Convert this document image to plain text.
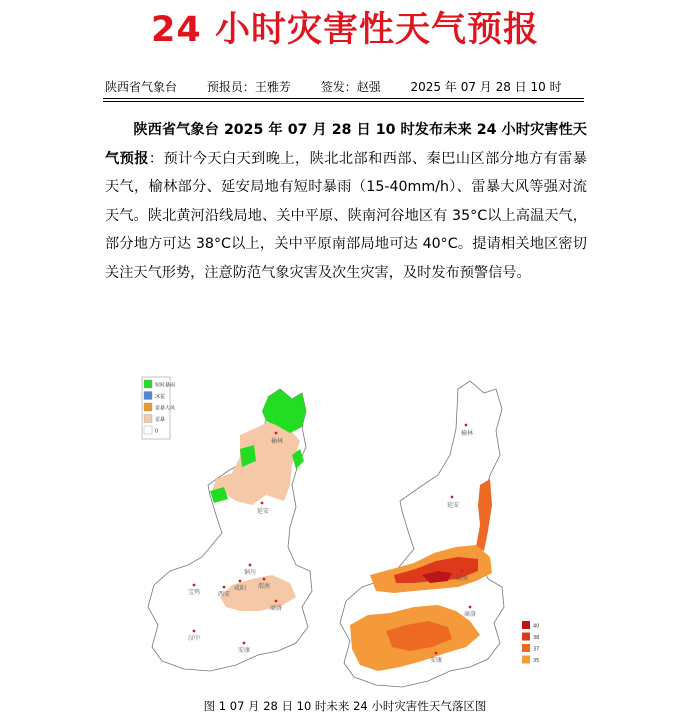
24 小时灾害性天气预报
陕西省气象台 预报员：王雅芳 签发：赵强 2025 年 07 月 28 日 10 时

陕西省气象台 2025 年 07 月 28 日 10 时发布未来 24 小时灾害性天气预报：预计今天白天到晚上，陕北北部和西部、秦巴山区部分地方有雷暴天气，榆林部分、延安局地有短时暴雨（15-40mm/h）、雷暴大风等强对流天气。陕北黄河沿线局地、关中平原、陕南河谷地区有 35°C以上高温天气，部分地方可达 38°C以上，关中平原南部局地可达 40°C。提请相关地区密切关注天气形势，注意防范气象灾害及次生灾害，及时发布预警信号。

短时暴雨
冰雹
雷暴大风
雷暴
0
榆林
延安
铜川
咸阳 渭南
宝鸡	西安
商洛
汉中
安康
40
38
37
35
榆林
延安
渭南
商洛
安康
图 1 07 月 28 日 10 时未来 24 小时灾害性天气落区图
